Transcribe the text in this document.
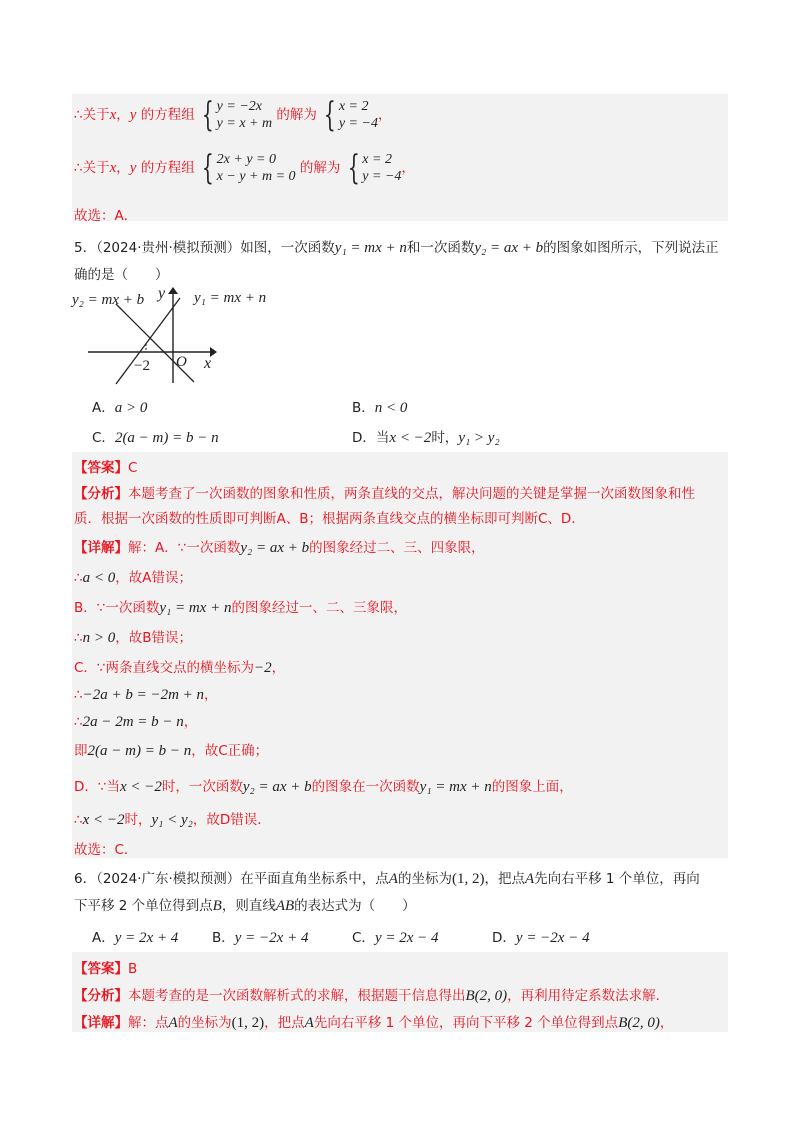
∴关于x，y 的方程组 { y = −2x
y = x + m
的解为 { x = 2
y = −4
，
∴关于x，y 的方程组 { 2x + y = 0
x − y + m = 0
的解为 { x = 2
y = −4
，
故选：A．
5．（2024·贵州·模拟预测）如图，一次函数y₁ = mx + n和一次函数y₂ = ax + b的图象如图所示，下列说法正
确的是（　　）
y₂ = mx + b	y₁ = mx + n
x
y
O
−2
A．a > 0	B．n < 0
C．2(a − m) = b − n	D．当x < −2时，y₁ > y₂
【答案】C
【分析】本题考查了一次函数的图象和性质，两条直线的交点，解决问题的关键是掌握一次函数图象和性
质．根据一次函数的性质即可判断A、B；根据两条直线交点的横坐标即可判断C、D．
【详解】解：A．∵一次函数y₂ = ax + b的图象经过二、三、四象限，
∴a < 0，故A错误；
B．∵一次函数y₁ = mx + n的图象经过一、二、三象限，
∴n > 0，故B错误；
C．∵两条直线交点的横坐标为−2，
∴−2a + b = −2m + n，
∴2a − 2m = b − n，
即2(a − m) = b − n，故C正确；
D．∵当x < −2时，一次函数y₂ = ax + b的图象在一次函数y₁ = mx + n的图象上面，
∴x < −2时，y₁ < y₂，故D错误．
故选：C．
6．（2024·广东·模拟预测）在平面直角坐标系中，点A的坐标为(1, 2)，把点A先向右平移 1 个单位，再向
下平移 2 个单位得到点B，则直线AB的表达式为（　　）
A．y = 2x + 4 B．y = −2x + 4	C．y = 2x − 4	D．y = −2x − 4
【答案】B
【分析】本题考查的是一次函数解析式的求解，根据题干信息得出B(2, 0)，再利用待定系数法求解．
【详解】解：点A的坐标为(1, 2)，把点A先向右平移 1 个单位，再向下平移 2 个单位得到点B(2, 0)，
